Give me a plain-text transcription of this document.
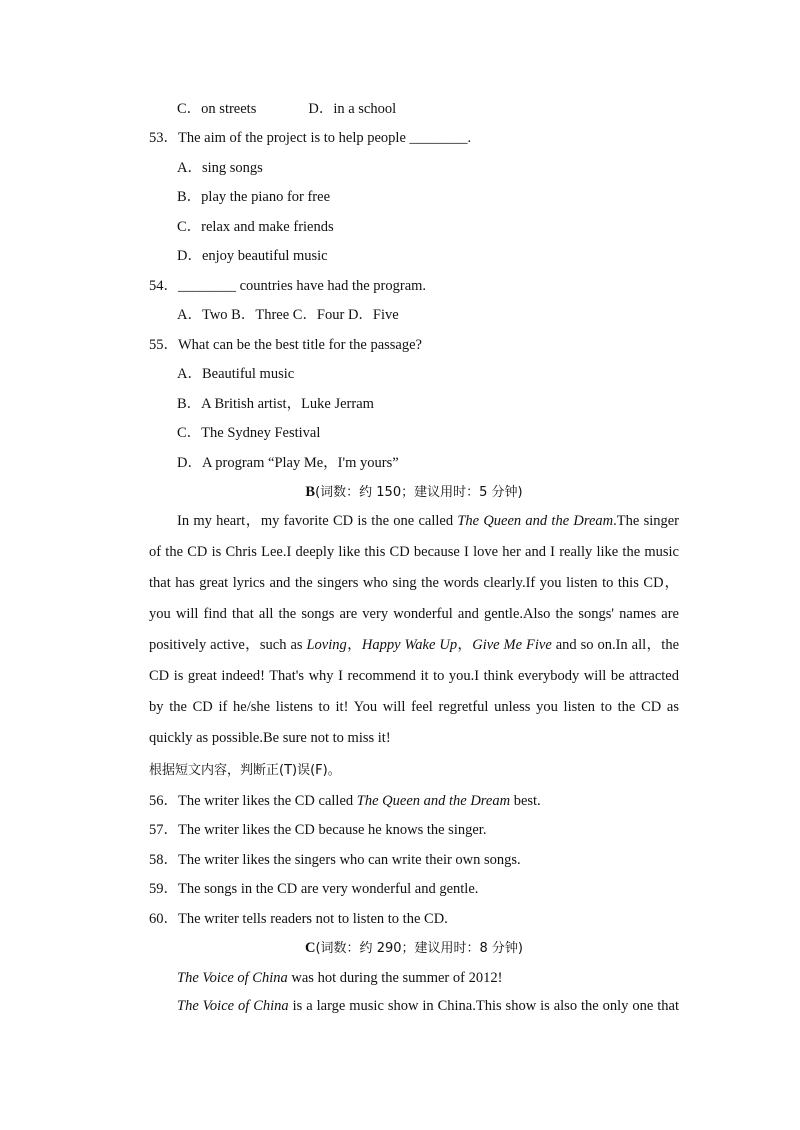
C．on streets	D．in a school
53．The aim of the project is to help people ________.
A．sing songs
B．play the piano for free
C．relax and make friends
D．enjoy beautiful music
54．________ countries have had the program.
A．Two B．Three C．Four D．Five
55．What can be the best title for the passage?
A．Beautiful music
B．A British artist，Luke Jerram
C．The Sydney Festival
D．A program “Play Me，I'm yours”
B(词数：约 150；建议用时：5 分钟)

In my heart，my favorite CD is the one called The Queen and the Dream.The singer of the CD is Chris Lee.I deeply like this CD because I love her and I really like the music that has great lyrics and the singers who sing the words clearly.If you listen to this CD，you will find that all the songs are very wonderful and gentle.Also the songs' names are positively active，such as Loving，Happy Wake Up，Give Me Five and so on.In all，the CD is great indeed! That's why I recommend it to you.I think everybody will be attracted by the CD if he/she listens to it! You will feel regretful unless you listen to the CD as quickly as possible.Be sure not to miss it!

根据短文内容，判断正(T)误(F)。
56．The writer likes the CD called The Queen and the Dream best.
57．The writer likes the CD because he knows the singer.
58．The writer likes the singers who can write their own songs.
59．The songs in the CD are very wonderful and gentle.
60．The writer tells readers not to listen to the CD.
C(词数：约 290；建议用时：8 分钟)
The Voice of China was hot during the summer of 2012!

The Voice of China is a large music show in China.This show is also the only one that
